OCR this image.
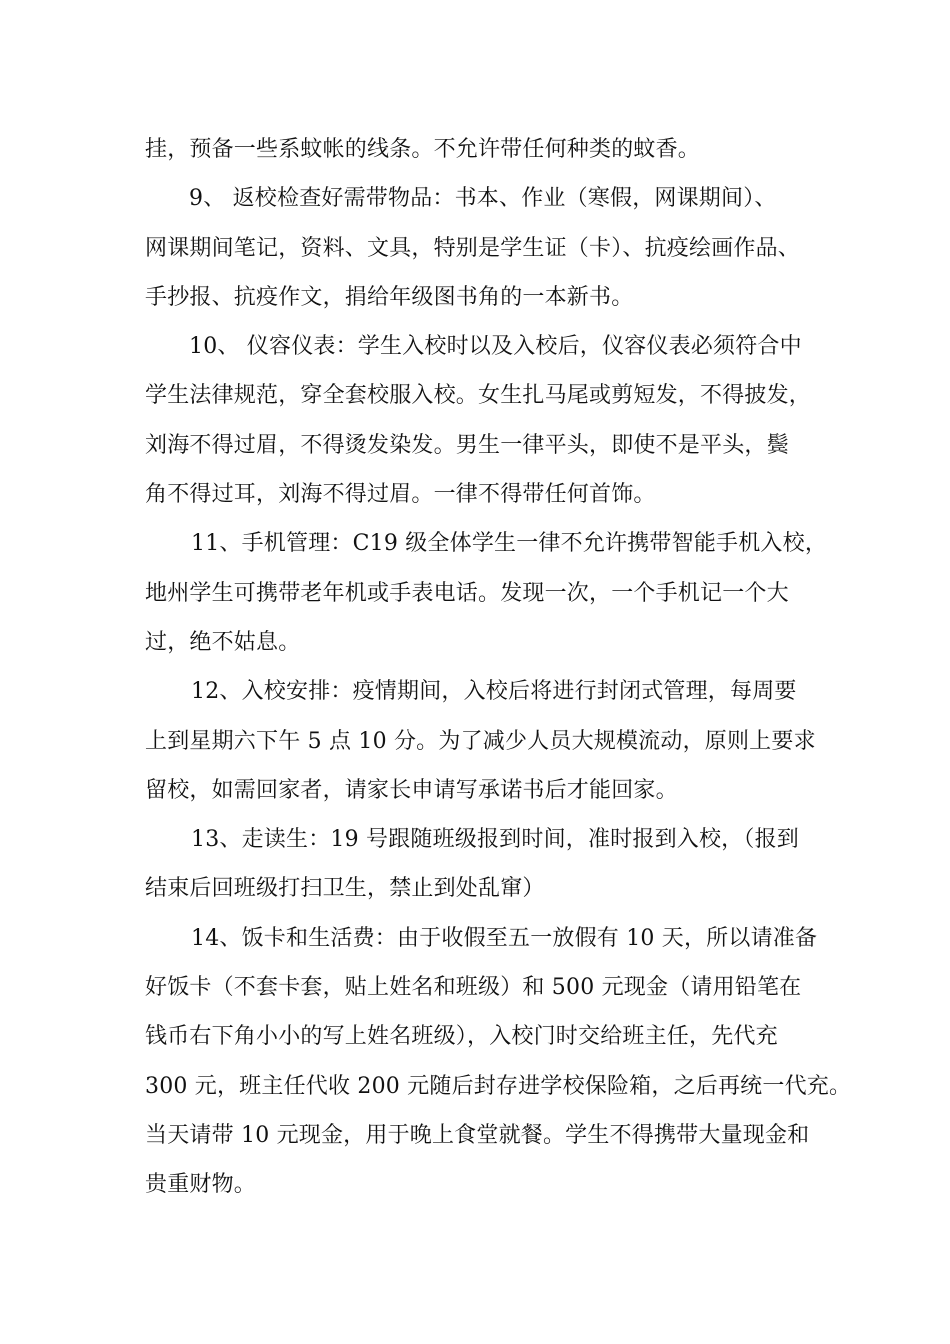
挂，预备一些系蚊帐的线条。不允许带任何种类的蚊香。
9、 返校检查好需带物品：书本、作业（寒假，网课期间）、
网课期间笔记，资料、文具，特别是学生证（卡）、抗疫绘画作品、
手抄报、抗疫作文，捐给年级图书角的一本新书。
10、 仪容仪表：学生入校时以及入校后，仪容仪表必须符合中
学生法律规范，穿全套校服入校。女生扎马尾或剪短发，不得披发，
刘海不得过眉，不得烫发染发。男生一律平头，即使不是平头，鬓
角不得过耳，刘海不得过眉。一律不得带任何首饰。
11、手机管理：C19 级全体学生一律不允许携带智能手机入校，
地州学生可携带老年机或手表电话。发现一次，一个手机记一个大
过，绝不姑息。
12、入校安排：疫情期间，入校后将进行封闭式管理，每周要
上到星期六下午 5 点 10 分。为了减少人员大规模流动，原则上要求
留校，如需回家者，请家长申请写承诺书后才能回家。
13、走读生：19 号跟随班级报到时间，准时报到入校，（报到
结束后回班级打扫卫生，禁止到处乱窜）
14、饭卡和生活费：由于收假至五一放假有 10 天，所以请准备
好饭卡（不套卡套，贴上姓名和班级）和 500 元现金（请用铅笔在
钱币右下角小小的写上姓名班级），入校门时交给班主任，先代充
300 元，班主任代收 200 元随后封存进学校保险箱，之后再统一代充。
当天请带 10 元现金，用于晚上食堂就餐。学生不得携带大量现金和
贵重财物。
